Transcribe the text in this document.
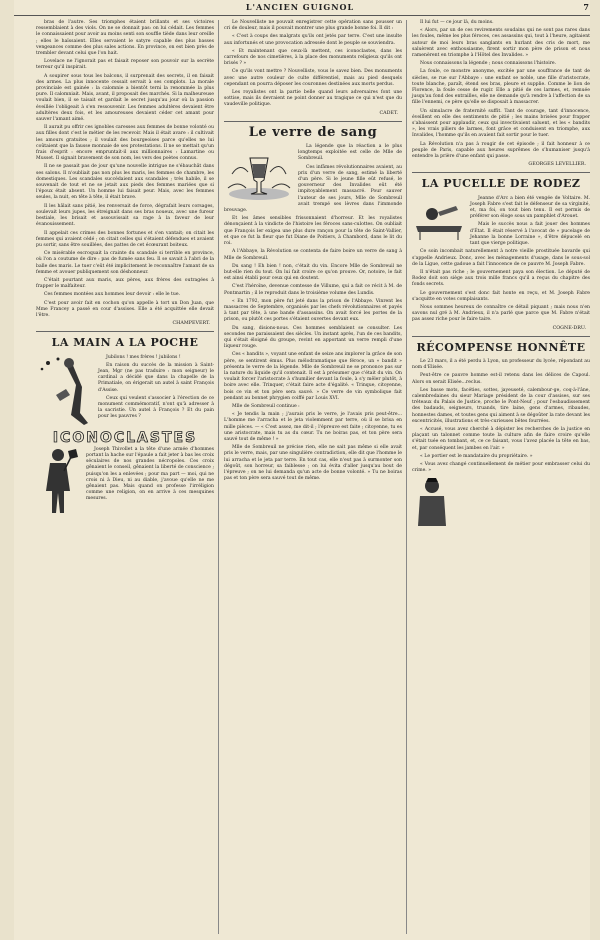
L'ANCIEN GUIGNOL	7

bras de l'autre. Ses triomphes étaient brillants et ses victoires ressemblaient à des viols. On ne se donnait pas: on lui cédait. Les femmes le connaissaient pour avoir au moins senti son souffle tiède dans leur oreille ; elles le haïssaient. Elles servaient le satyre capable des plus basses vengeances comme des plus sales actions. En province, on est bien près de trembler devant celui que l'on hait.

Lovelace ne l'ignorait pas et faisait reposer son pouvoir sur la secrète terreur qu'il inspirait.

A soupirer sous tous les balcons, il surprenait des secrets, il en faisait des armes. La plus innocente cessait servait à ses complots. La morale provinciale est gainée : la calomnie a bientôt terni la renommée la plus pure. Il calomniait. Mais, avant, il proposait des marchés. Si la malheureuse voulait bien, il se taisait et gardait le secret jusqu'au jour où la passion éveillée l'obligeait à s'en ressouvenir. Les femmes adultères devaient être adultères deux fois, et les amoureuses devaient céder cet amant pour sauver l'amant aimé.

Il aurait pu offrir ces ignobles caresses aux femmes de bonne volonté ou aux filles dont c'est le métier de les recevoir. Mais il était avare : il cultivait les amours gratuites ; il voulait des bourgeoises parce qu'elles ne lui coûtaient que la fausse monnaie de ses protestations. Il ne se mettait qu'un frais d'esprit : encore empruntait-il aux millionnaires : Lamartine ou Musset. Il signait bravement de son nom, les vers des poètes connus.

Il ne se passait pas de jour qu'une nouvelle intrigue ne s'ébauchât dans ses salons. Il n'oubliait pas non plus les maris, les femmes de chambre, les domestiques. Les scandales succédaient aux scandales ; très habile, il se souvenait de tout et ne se jetait aux pieds des femmes mariées que si l'époux était absent. Un homme lui faisait peur. Mais, avec les femmes seules, la nuit, en tête à tête, il était brave.

Il les hâlait sans pitié, les renversait de force, dégrafait leurs corsages, soulevait leurs jupes, les étreignait dans ses bras noueux, avec une fureur bestiale, les brisait et assouvissait sa rage à la faveur de leur évanouissement.

Il appelait ces crimes des bonnes fortunes et s'en vantait; on citait les femmes qui avaient cédé ; on citait celles qui s'étaient défendues et avaient pu sortir, sans être souillées, des pattes de cet écœurant boiteux.

Ce misérable escroquait la crainte du scandale si terrible en province, où l'on a coutume de dire : pas de fumée sans feu. Il se savait à l'abri de la balle des maris. Le tuer c'eût été implicitement le reconnaître l'amant de sa femme et avouer publiquement son déshonneur.

C'était pourtant aux maris, aux pères, aux frères des outragées à frapper le malfaiteur.

Ces femmes montées aux hommes leur devoir : elle le tue.

C'est pour avoir fait en cochon qu'on appelle à tort un Don Juan, que Mme Francey a passé en cour d'assises. Elle a été acquittée elle devait l'être.

CHAMPEVERT.
LA MAIN A LA POCHE

Jubilons ! mes frères ! jubilons !

En raison du succès de la mission à Saint-Jean, Mgr (ne pas traduire : mon seigneur) le cardinal a décidé que dans la chapelle de la Primatiale, on érigerait un autel à saint François d'Assise.

Ceux qui veulent s'associer à l'érection de ce monument commémoratif, n'ont qu'à adresser à la sacristie. Un autel à François ? Et du pain pour les pauvres ?

ICONOCLASTES

Joseph Thivollet a la tête d'une armée d'hommes portant la hache sur l'épaule a fait jeter à bas les croix séculaires de nos grandes nécropoles. Ces croix gênaient le conseil, gênaient la liberté de conscience ; puisqu'on les a enlevées ; pour ma part — moi, qui ne crois ni à Dieu, ni au diable, j'avoue qu'elle ne me gênaient pas. Mais quand on professe l'irréligion comme une religion, on en arrive à ces mesquines mesures.

Le Nouvelliste ne pouvait enregistrer cette opération sans pousser un cri de douleur, mais il pouvait montrer une plus grande bonne foi. Il dit :

« C'est à coups des malgrats qu'ils ont jetés par terre. C'est une insulte aux infortunés et une provocation adressée dont le peuple se souviendra.

« Et maintenant que ceux-là mettent, ces iconoclastes, dans les carrefours de nos cimetières, à la place des monuments religieux qu'ils ont brisés ? »

Ce qu'ils vont mettre ? Nouvelliste, vous le savez bien. Des monuments avec une autre couleur de culte différentiel, mais au pied desquels cependant on pourra déposer les couronnes destinées aux morts perdus.

Les royalistes ont la partie belle quand leurs adversaires font une sottise, mais ils devraient ne point donner au tragique ce qui n'est que du vaudeville politique.

CADET.
Le verre de sang

La légende que la réaction a le plus longtemps exploitée est celle de Mlle de Sombreuil.

Ces infâmes révolutionnaires avaient, au prix d'un verre de sang, estimé la liberté d'un père. Si le jeune fille eût refusé, le gouverneur des Invalides eût été impitoyablement massacré. Pour sauver l'auteur de ses jours, Mlle de Sombreuil avait trempé ses lèvres dans l'immonde breuvage.

Et les âmes sensibles frissonnaient d'horreur. Et les royalistes dénonçaient à la vindicte de l'histoire les féroces sans-culottes. On oubliait que François Ier exigea une plus dure rançon pour la tête de Saint-Vallier, et que ce fut la fleur que fut Diane de Poitiers, à Chambord, dans le lit du roi.

A l'Abbaye, la Révolution se contenta de faire boire un verre de sang à Mlle de Sombreuil.

Du sang ! Eh bien ! non, c'était du vin. Encore Mlle de Sombreuil ne but-elle rien du tout. On lui fait croire ce qu'on prouve. Or, notoire, le fait est ainsi établi pour ceux qui en doutent.

C'est l'héroïne, devenue comtesse de Villume, qui a fait ce récit à M. de Pontmartin ; il le reproduit dans le troisième volume des Lundis.

« En 1792, mon père fut jeté dans la prison de l'Abbaye. Vinrent les massacres de Septembre, organisés par les chefs révolutionnaires et payés à tant par tête, à une bande d'assassins. On avait forcé les portes de la prison, ou plutôt ces portes s'étaient ouvertes devant eux.

Du sang, disions-nous. Ces hommes semblaient se consulter. Les secondes me paraissaient des siècles. Un instant après, l'un de ces bandits, qui s'était éloigné du groupe, revint en apportant un verre rempli d'une liqueur rouge.

Ces « bandits », voyant une enfant de seize ans implorer la grâce de son père, se sentirent émus. Plus mélodramatique que féroce, un « bandit » présenta le verre de la légende. Mlle de Sombreuil ne se prononce pas sur la nature du liquide qu'il contenait. Il est à présumer que c'était du vin. On voulait forcer l'aristocrate à s'humilier devant la foule, à s'y mêler plutôt, à boire avec elle. Trinquer, c'était faire acte d'égalité. « Trinque, citoyenne, bois ce vin et ton père sera sauvé. » Ce verre de vin symbolique fait pendant au bonnet phrygien coiffé par Louis XVI.

Mlle de Sombreuil continue :

« Je tendis la main ; j'aurais pris le verre, je l'avais pris peut-être... L'homme me l'arracha et le jeta violemment par terre, où il se brisa en mille pièces. — « C'est assez, me dit-il ; l'épreuve est faite ; citoyenne, tu es une aristocrate, mais tu as du cœur. Tu ne boiras pas, et ton père sera sauvé tout de même ! »

Mlle de Sombreuil ne précise rien, elle ne sait pas même si elle avait pris le verre, mais, par une singulière contradiction, elle dit que l'homme le lui arracha et le jeta par terre. En tout cas, elle n'eut pas à surmonter son dégoût, son horreur, sa faiblesse ; on lui évita d'aller jusqu'au bout de l'épreuve ; on ne lui demanda qu'un acte de bonne volonté. » Tu ne boiras pas et ton père sera sauvé tout de même.

Il lui fut — ce jour là, du moins.

« Alors, par un de ces revirements soudains qui ne sont pas rares dans les foules, même les plus féroces, ces assassins qui, tout à l'heure, agitaient autour de moi leurs bras sanglants en hurlant des cris de mort, me saluèrent avec enthousiasme, firent sortir mon père de prison et nous ramenèrent en triomphe à l'Hôtel des Invalides. »

Nous connaissons la légende ; nous connaissons l'histoire.

La foule, ce monstre anonyme, excitée par une souffrance de tant de siècles, se rue sur l'Abbaye : une enfant se noble, une fille d'aristocrate, toute blanche, paraît, étend ses bras, pleure et supplie. Comme le lion de Florence, la foule cesse de rugir. Elle a pitié de ces larmes, et, remuée jusqu'au fond des entrailles, elle ne demande qu'à rendre à l'affection de sa fille l'ennemi, ce père qu'elle se disposait à massacrer.

Un simulacre de fraternité suffit. Tant de courage, tant d'innocence, éveillent en elle des sentiments de pitié ; les mains brisées pour frapper s'abaissent pour applaudir, ceux qui invectivaient saluent, et les « bandits », les vrais piliers de larmes, font grâce et conduisent en triomphe, aux Invalides, l'homme qu'ils en avaient fait sortir pour le tuer.

La Révolution n'a pas à rougir de cet épisode ; il fait honneur à ce peuple de Paris, capable aux heures suprêmes de s'humaniser jusqu'à entendre la prière d'une enfant qui passe.

GEORGES LEVELLIER.
LA PUCELLE DE RODEZ

Jeanne d'Arc a bien été vengée de Voltaire. M. Joseph Fabre s'est fait le défenseur de sa virginité, et, ma foi, on tout bien tenu. Il est permis de préférer son éloge sous un pamphlet d'Arouet.

Mais le succès nous a fait jouer des hommes d'État. Il était réservé à l'avocat de « pucelage de Jehanne la bonne Lorraine », d'être dépucelé en tant que vierge politique.

Ce soin incombait naturellement à notre vieille prostituée bavarde qui s'appelle Andrieux. Donc, avec les ménagements d'usage, dans le sous-sol de la Ligue, cette gadoue a fait l'innocence de ce pauvre M. Joseph Fabre.

Il n'était pas riche ; le gouvernement paya son élection. Le député de Rodez doit son siège aux trois mille francs qu'il a reçus du chapitre des fonds secrets.

Le gouvernement s'est donc fait honte en reçu, et M. Joseph Fabre s'acquitte en votes complaisants.

Nous sommes heureux de connaître ce détail piquant ; mais nous n'en savons nul gré à M. Andrieux, il n'a parlé que parce que M. Fabre n'était pas assez riche pour le faire taire.

COGNE-DRU.
RÉCOMPENSE HONNÊTE

Le 23 mars, il a été perdu à Lyon, un professeur du lycée, répondant au nom d'Elisée.

Peut-être ce pauvre homme est-il retenu dans les délices de Capoul. Alors on serait Elisée...reclus.

Les basse mots, facéties, sottes, jayeuseté, calembour-ge, coq-à-l'âne, calembredaines du sieur Mariage président de la cour d'assises, sur ses tréteaux du Palais de Justice, proche le Pont-Neuf ; pour l'esbaudissement des badauds, seigneurs, truands, tire laine, gens d'armes, ribaudes, honnestes dames, et toutes gens qui aiment à se dégoûter la rate devant les excentricités, illustrations et très-curieuses bêtes fourrées.

« Accusé, vous avez cherché à dépister les recherches de la justice en plaçant un talonnet comme toute la culture afin de faire croire qu'elle s'était tuée en tombant, et, ce ce faisant, vous l'avez placée la tête en bas, et, par conséquent les jambes en l'air. »

« Le portier est le mandataire du propriétaire. »

« Vous avez changé continuellement de métier pour embrasser celui du crime. »
